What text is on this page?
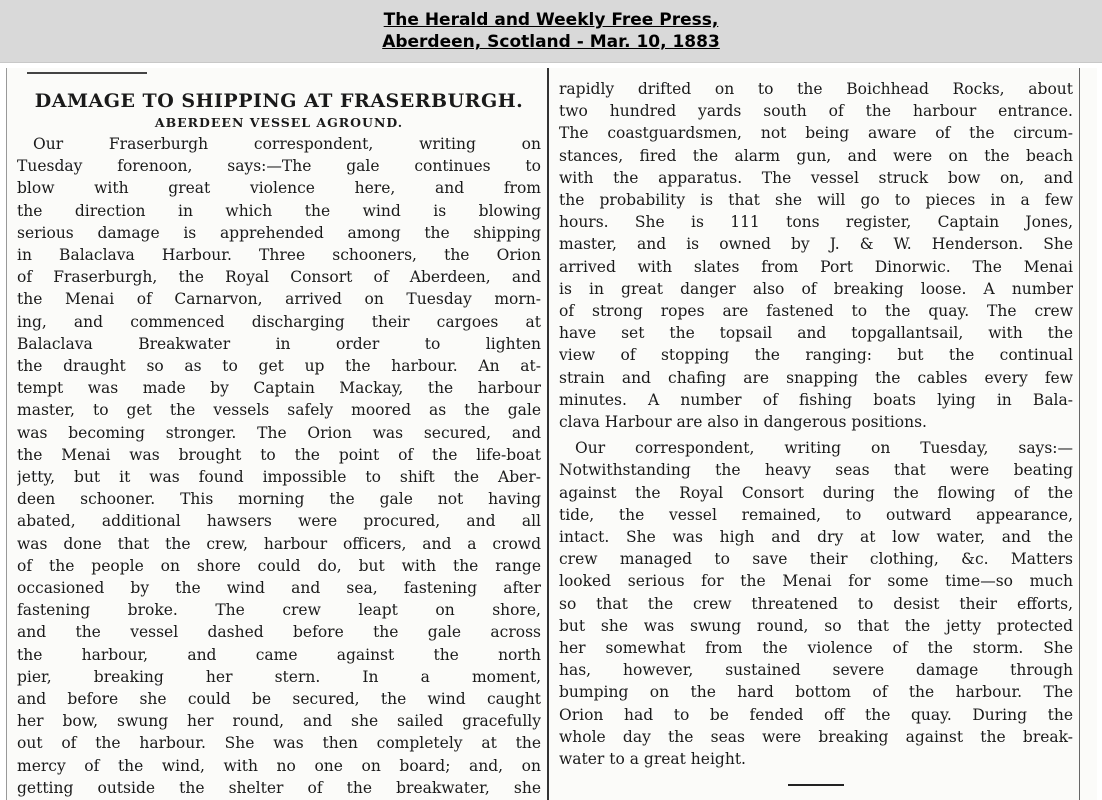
The Herald and Weekly Free Press,
Aberdeen, Scotland - Mar. 10, 1883
DAMAGE TO SHIPPING AT FRASERBURGH.
ABERDEEN VESSEL AGROUND.
Our Fraserburgh correspondent, writing on
Tuesday forenoon, says:—The gale continues to
blow with great violence here, and from
the direction in which the wind is blowing
serious damage is apprehended among the shipping
in Balaclava Harbour. Three schooners, the Orion
of Fraserburgh, the Royal Consort of Aberdeen, and
the Menai of Carnarvon, arrived on Tuesday morn-
ing, and commenced discharging their cargoes at
Balaclava Breakwater in order to lighten
the draught so as to get up the harbour. An at-
tempt was made by Captain Mackay, the harbour
master, to get the vessels safely moored as the gale
was becoming stronger. The Orion was secured, and
the Menai was brought to the point of the life-boat
jetty, but it was found impossible to shift the Aber-
deen schooner. This morning the gale not having
abated, additional hawsers were procured, and all
was done that the crew, harbour officers, and a crowd
of the people on shore could do, but with the range
occasioned by the wind and sea, fastening after
fastening broke. The crew leapt on shore,
and the vessel dashed before the gale across
the harbour, and came against the north
pier, breaking her stern. In a moment,
and before she could be secured, the wind caught
her bow, swung her round, and she sailed gracefully
out of the harbour. She was then completely at the
mercy of the wind, with no one on board; and, on
getting outside the shelter of the breakwater, she
rapidly drifted on to the Boichhead Rocks, about
two hundred yards south of the harbour entrance.
The coastguardsmen, not being aware of the circum-
stances, fired the alarm gun, and were on the beach
with the apparatus. The vessel struck bow on, and
the probability is that she will go to pieces in a few
hours. She is 111 tons register, Captain Jones,
master, and is owned by J. & W. Henderson. She
arrived with slates from Port Dinorwic. The Menai
is in great danger also of breaking loose. A number
of strong ropes are fastened to the quay. The crew
have set the topsail and topgallantsail, with the
view of stopping the ranging: but the continual
strain and chafing are snapping the cables every few
minutes. A number of fishing boats lying in Bala-
clava Harbour are also in dangerous positions.
Our correspondent, writing on Tuesday, says:—
Notwithstanding the heavy seas that were beating
against the Royal Consort during the flowing of the
tide, the vessel remained, to outward appearance,
intact. She was high and dry at low water, and the
crew managed to save their clothing, &c. Matters
looked serious for the Menai for some time—so much
so that the crew threatened to desist their efforts,
but she was swung round, so that the jetty protected
her somewhat from the violence of the storm. She
has, however, sustained severe damage through
bumping on the hard bottom of the harbour. The
Orion had to be fended off the quay. During the
whole day the seas were breaking against the break-
water to a great height.
